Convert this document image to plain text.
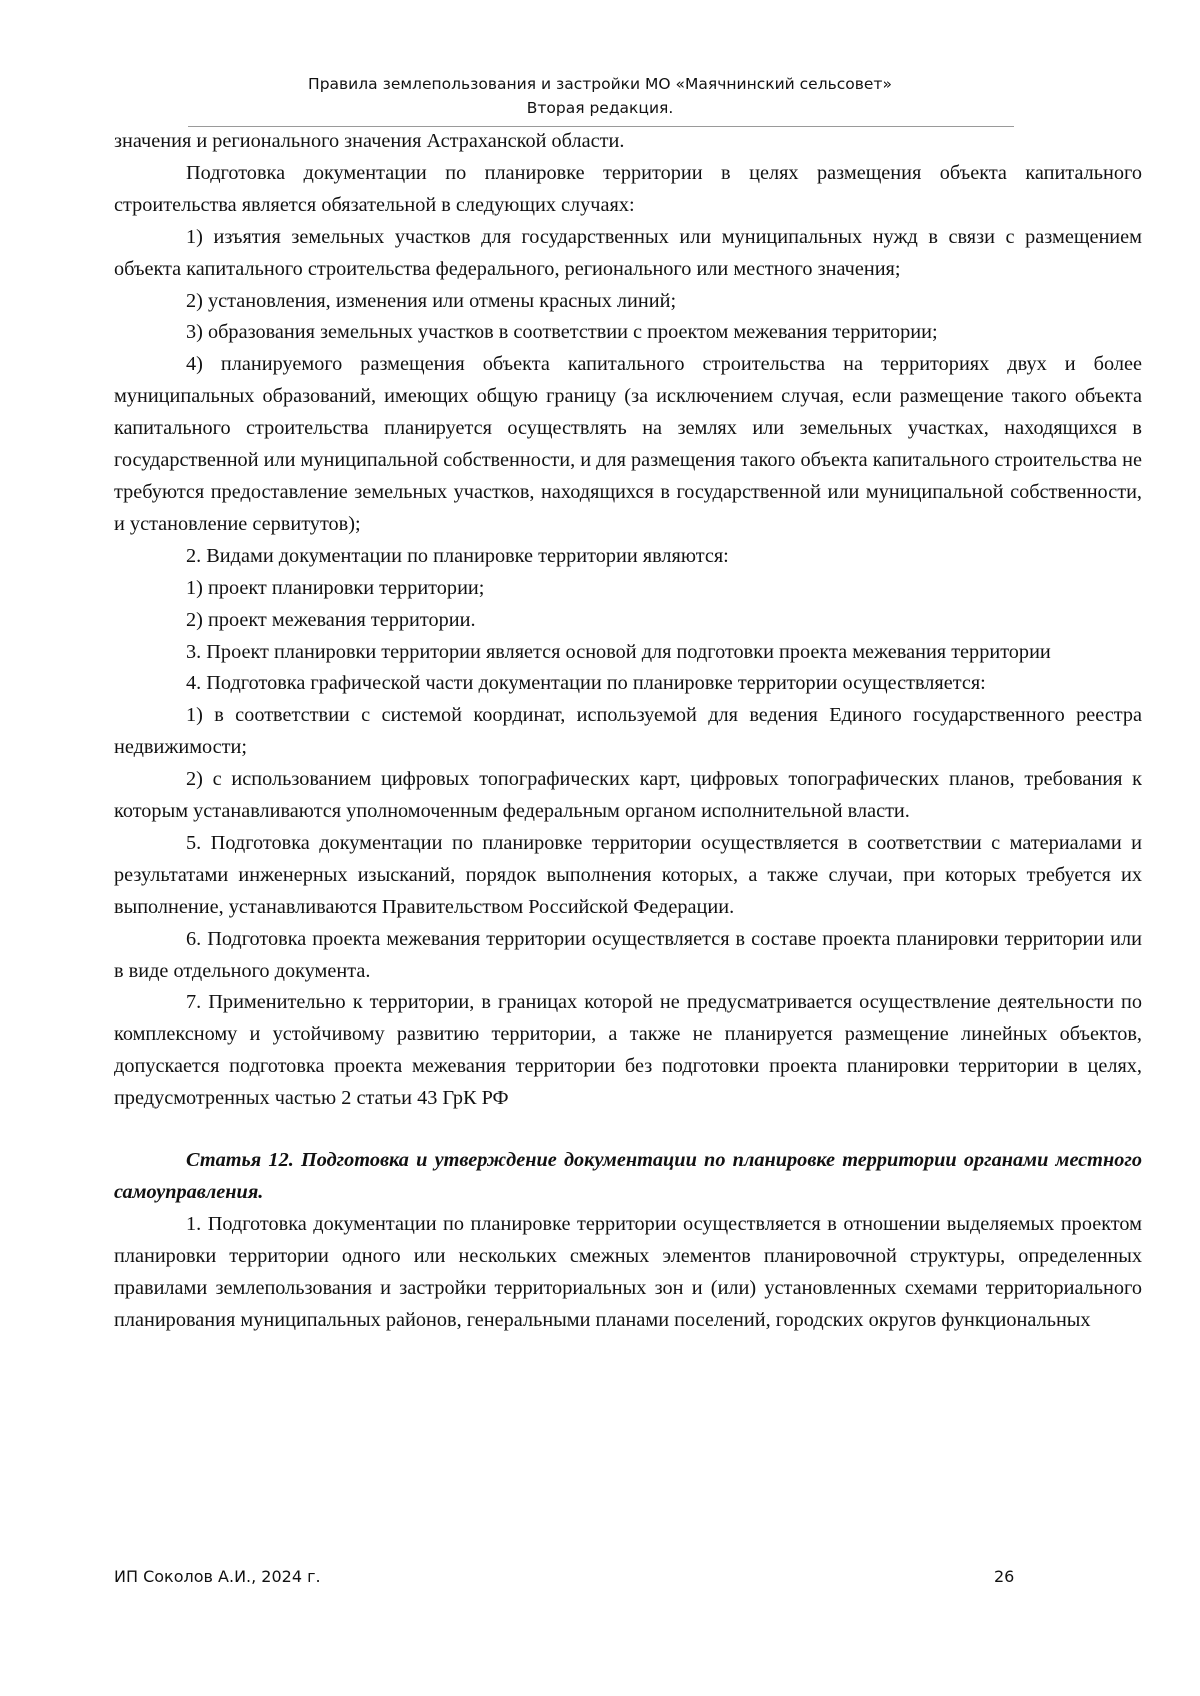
Правила землепользования и застройки МО «Маячнинский сельсовет»
Вторая редакция.

значения и регионального значения Астраханской области.

Подготовка документации по планировке территории в целях размещения объекта капитального строительства является обязательной в следующих случаях:

1) изъятия земельных участков для государственных или муниципальных нужд в связи с размещением объекта капитального строительства федерального, регионального или местного значения;

2) установления, изменения или отмены красных линий;

3) образования земельных участков в соответствии с проектом межевания территории;

4) планируемого размещения объекта капитального строительства на территориях двух и более муниципальных образований, имеющих общую границу (за исключением случая, если размещение такого объекта капитального строительства планируется осуществлять на землях или земельных участках, находящихся в государственной или муниципальной собственности, и для размещения такого объекта капитального строительства не требуются предоставление земельных участков, находящихся в государственной или муниципальной собственности, и установление сервитутов);

2. Видами документации по планировке территории являются:

1) проект планировки территории;

2) проект межевания территории.

3. Проект планировки территории является основой для подготовки проекта межевания территории

4. Подготовка графической части документации по планировке территории осуществляется:

1) в соответствии с системой координат, используемой для ведения Единого государственного реестра недвижимости;

2) с использованием цифровых топографических карт, цифровых топографических планов, требования к которым устанавливаются уполномоченным федеральным органом исполнительной власти.

5. Подготовка документации по планировке территории осуществляется в соответствии с материалами и результатами инженерных изысканий, порядок выполнения которых, а также случаи, при которых требуется их выполнение, устанавливаются Правительством Российской Федерации.

6. Подготовка проекта межевания территории осуществляется в составе проекта планировки территории или в виде отдельного документа.

7. Применительно к территории, в границах которой не предусматривается осуществление деятельности по комплексному и устойчивому развитию территории, а также не планируется размещение линейных объектов, допускается подготовка проекта межевания территории без подготовки проекта планировки территории в целях, предусмотренных частью 2 статьи 43 ГрК РФ

Статья 12. Подготовка и утверждение документации по планировке территории органами местного самоуправления.

1. Подготовка документации по планировке территории осуществляется в отношении выделяемых проектом планировки территории одного или нескольких смежных элементов планировочной структуры, определенных правилами землепользования и застройки территориальных зон и (или) установленных схемами территориального планирования муниципальных районов, генеральными планами поселений, городских округов функциональных

ИП Соколов А.И., 2024 г.	26
